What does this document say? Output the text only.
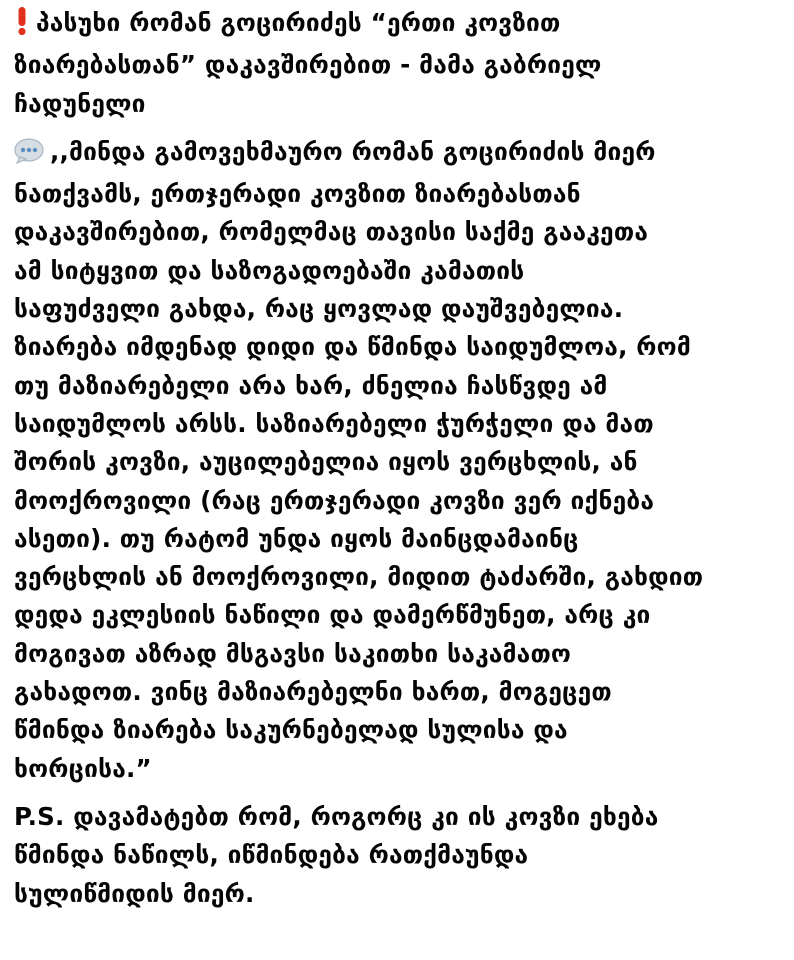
პასუხი რომან გოცირიძეს “ერთი კოვზით
ზიარებასთან” დაკავშირებით - მამა გაბრიელ
ჩადუნელი

,,მინდა გამოვეხმაურო რომან გოცირიძის მიერ
ნათქვამს, ერთჯერადი კოვზით ზიარებასთან
დაკავშირებით, რომელმაც თავისი საქმე გააკეთა
ამ სიტყვით და საზოგადოებაში კამათის
საფუძველი გახდა, რაც ყოვლად დაუშვებელია.
ზიარება იმდენად დიდი და წმინდა საიდუმლოა, რომ
თუ მაზიარებელი არა ხარ, ძნელია ჩასწვდე ამ
საიდუმლოს არსს. საზიარებელი ჭურჭელი და მათ
შორის კოვზი, აუცილებელია იყოს ვერცხლის, ან
მოოქროვილი (რაც ერთჯერადი კოვზი ვერ იქნება
ასეთი). თუ რატომ უნდა იყოს მაინცდამაინც
ვერცხლის ან მოოქროვილი, მიდით ტაძარში, გახდით
დედა ეკლესიის ნაწილი და დამერწმუნეთ, არც კი
მოგივათ აზრად მსგავსი საკითხი საკამათო
გახადოთ. ვინც მაზიარებელნი ხართ, მოგეცეთ
წმინდა ზიარება საკურნებელად სულისა და
ხორცისა.”

P.S. დავამატებთ რომ, როგორც კი ის კოვზი ეხება
წმინდა ნაწილს, იწმინდება რათქმაუნდა
სულიწმიდის მიერ.
